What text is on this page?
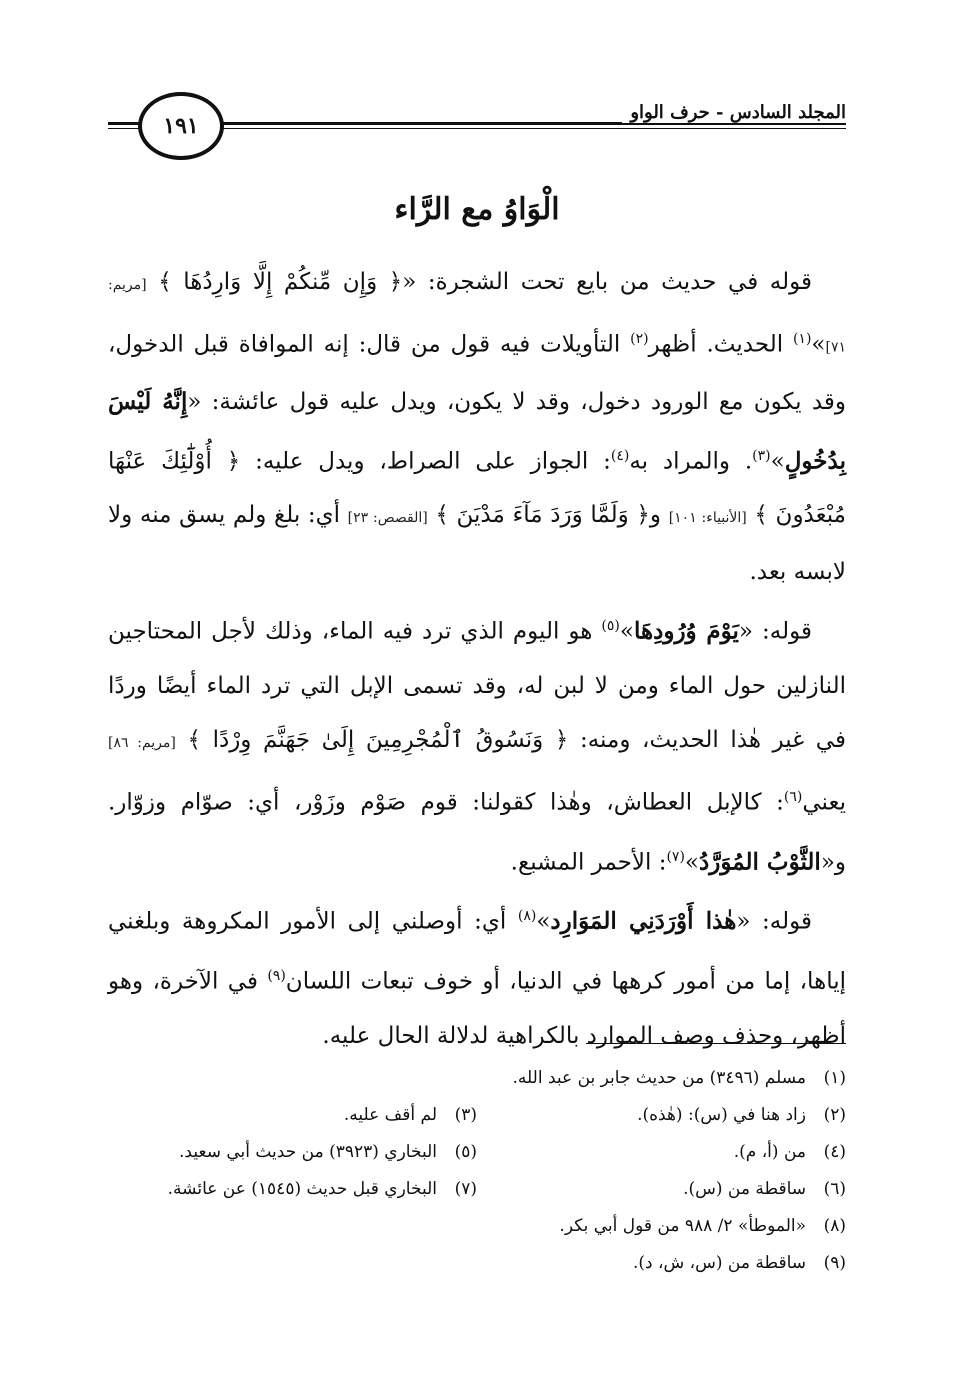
المجلد السادس - حرف الواو
١٩١
الْوَاوُ مع الرَّاء

قوله في حديث من بايع تحت الشجرة: «﴿ وَإِن مِّنكُمْ إِلَّا وَارِدُهَا ﴾ [مريم: ٧١]»$^{(١)}$ الحديث. أظهر$^{(٢)}$ التأويلات فيه قول من قال: إنه الموافاة قبل الدخول، وقد يكون مع الورود دخول، وقد لا يكون، ويدل عليه قول عائشة: «إِنَّهُ لَيْسَ بِدُخُولٍ»$^{(٣)}$. والمراد به$^{(٤)}$: الجواز على الصراط، ويدل عليه: ﴿ أُوْلَٰٓئِكَ عَنْهَا مُبْعَدُونَ ﴾ [الأنبياء: ١٠١] و﴿ وَلَمَّا وَرَدَ مَآءَ مَدْيَنَ ﴾ [القصص: ٢٣] أي: بلغ ولم يسق منه ولا لابسه بعد.

قوله: «يَوْمَ وُرُودِهَا»$^{(٥)}$ هو اليوم الذي ترد فيه الماء، وذلك لأجل المحتاجين النازلين حول الماء ومن لا لبن له، وقد تسمى الإبل التي ترد الماء أيضًا وردًا في غير هٰذا الحديث، ومنه: ﴿ وَنَسُوقُ ٱلْمُجْرِمِينَ إِلَىٰ جَهَنَّمَ وِرْدًا ﴾ [مريم: ٨٦] يعني$^{(٦)}$: كالإبل العطاش، وهٰذا كقولنا: قوم صَوْم وزَوْر، أي: صوّام وزوّار. و«الثَّوْبُ المُوَرَّدُ»$^{(٧)}$: الأحمر المشبع.

قوله: «هٰذا أَوْرَدَنِي المَوَارِد»$^{(٨)}$ أي: أوصلني إلى الأمور المكروهة وبلغني إياها، إما من أمور كرهها في الدنيا، أو خوف تبعات اللسان$^{(٩)}$ في الآخرة، وهو أظهر، وحذف وصف الموارد بالكراهية لدلالة الحال عليه.

(١)
مسلم (٣٤٩٦) من حديث جابر بن عبد الله.
(٢)
زاد هنا في (س): (هٰذه).
(٣)
لم أقف عليه.
(٤)
من (أ، م).
(٥)
البخاري (٣٩٢٣) من حديث أبي سعيد.
(٦)
ساقطة من (س).
(٧)
البخاري قبل حديث (١٥٤٥) عن عائشة.
(٨)
«الموطأ» ٢/ ٩٨٨ من قول أبي بكر.
(٩)
ساقطة من (س، ش، د).
